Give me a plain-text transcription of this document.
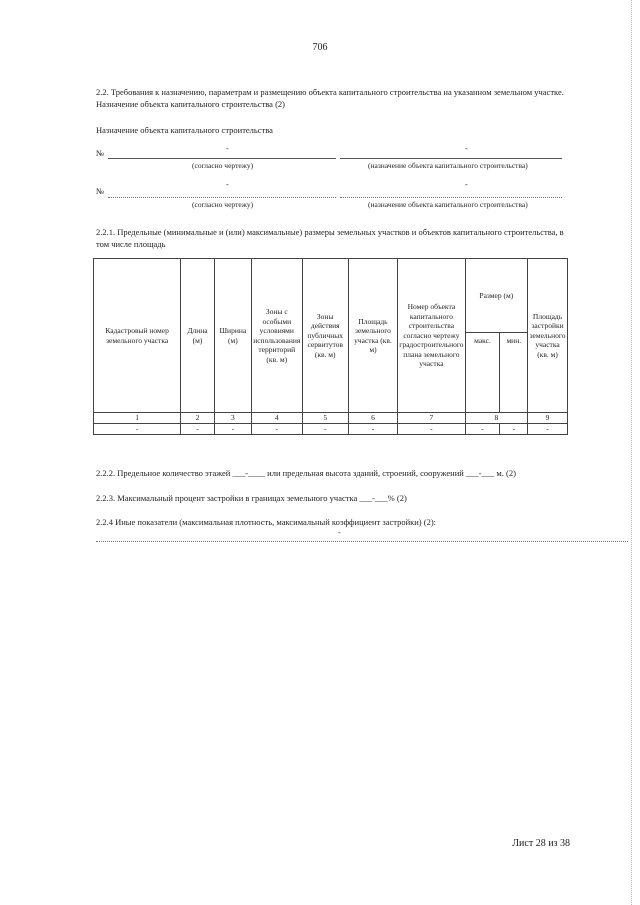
706
2.2. Требования к назначению, параметрам и размещению объекта капитального строительства на указанном земельном участке. Назначение объекта капитального строительства (2)
Назначение объекта капитального строительства
№	-	-
(согласно чертежу)	(назначение объекта капитального строительства)
№
-	-
(согласно чертежу)	(назначение объекта капитального строительства)
2.2.1. Предельные (минимальные и (или) максимальные) размеры земельных участков и объектов капитального строительства, в том числе площадь
Кадастровый номер земельного участка	Длина (м)	Ширина (м)	Зоны с особыми условиями использования территорий (кв. м)	Зоны действия публичных сервитутов (кв. м)	Площадь земельного участка (кв. м)	Номер объекта капитального строительства согласно чертежу градостроительного плана земельного участка	Размер (м)		Площадь застройки земельного участка (кв. м)
							макс.	мин.	
1	2	3	4	5	6	7	8		9
-	-	-	-	-	-	-	-	-	-
2.2.2. Предельное количество этажей ___-____ или предельная высота зданий, строений, сооружений ___-___ м. (2)
2.2.3. Максимальный процент застройки в границах земельного участка ___-___% (2)
2.2.4 Иные показатели (максимальная плотность, максимальный коэффициент застройки) (2):
-
Лист 28 из 38
